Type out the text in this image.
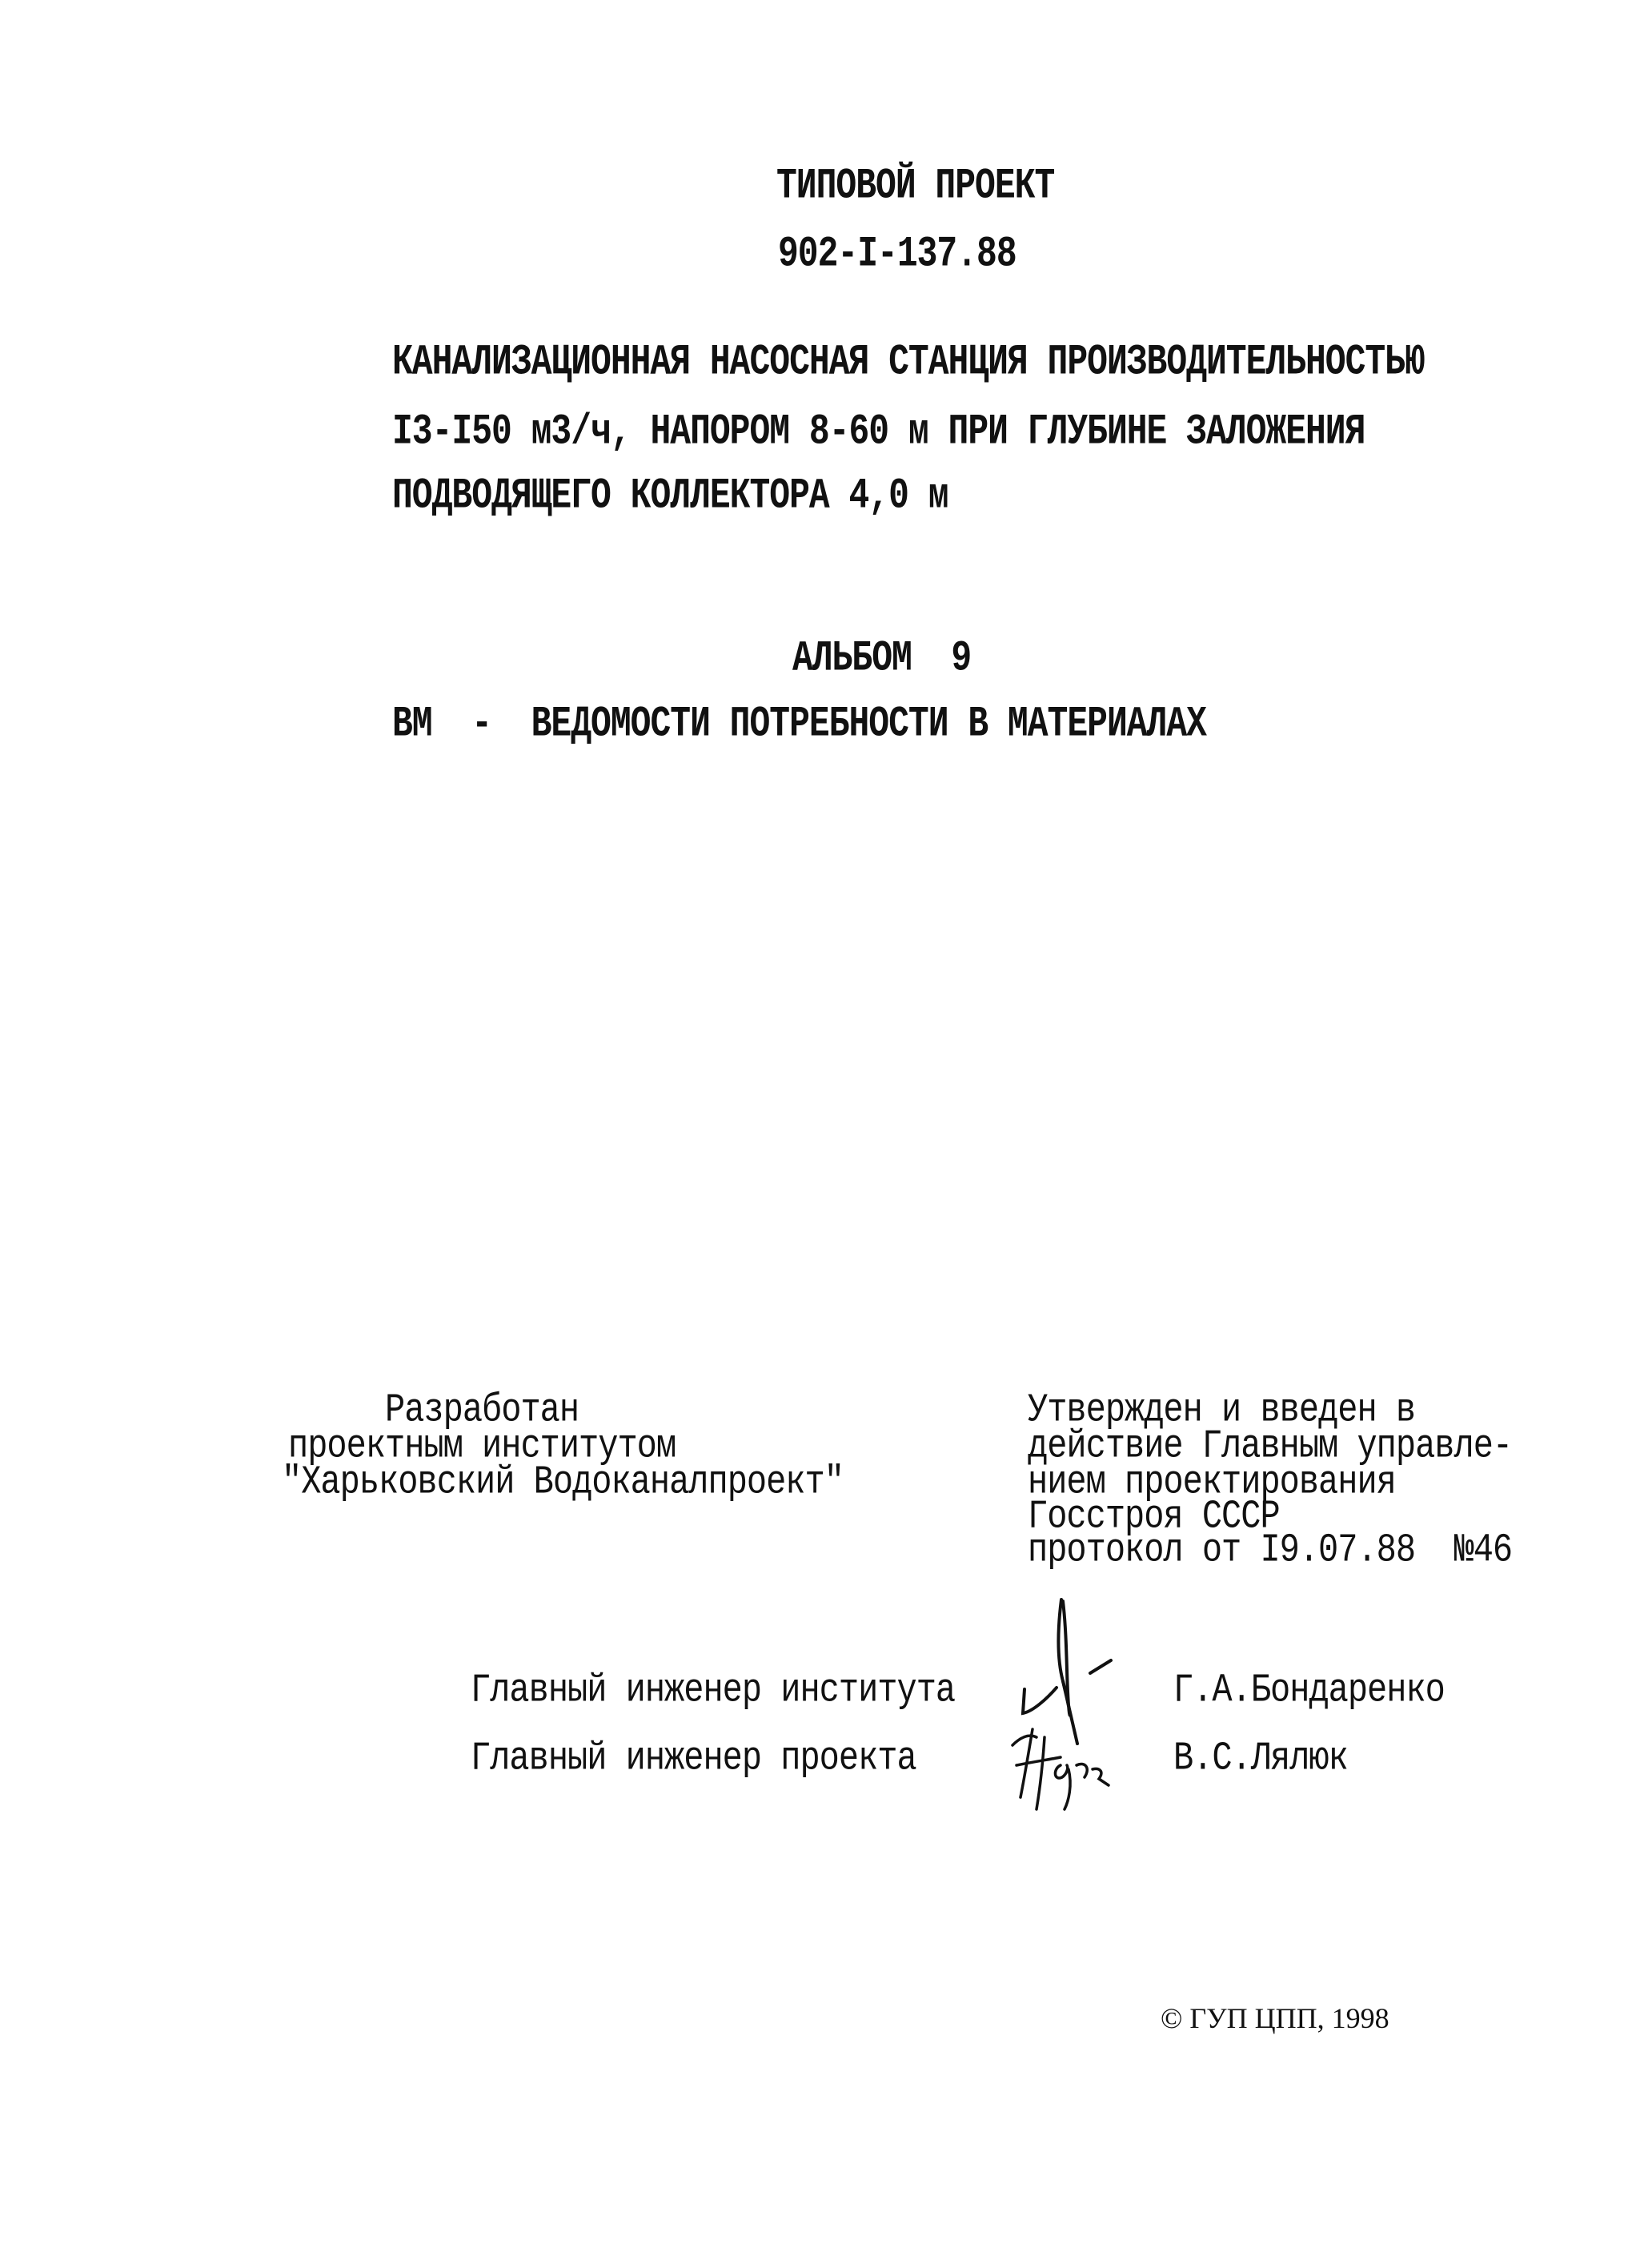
ТИПОВОЙ ПРОЕКТ
902-I-137.88
КАНАЛИЗАЦИОННАЯ НАСОСНАЯ СТАНЦИЯ ПРОИЗВОДИТЕЛЬНОСТЬЮ
I3-I50 м3/ч, НАПОРОМ 8-60 м ПРИ ГЛУБИНЕ ЗАЛОЖЕНИЯ
ПОДВОДЯЩЕГО КОЛЛЕКТОРА 4,0 м
АЛЬБОМ  9
ВМ  -  ВЕДОМОСТИ ПОТРЕБНОСТИ В МАТЕРИАЛАХ
Разработан
проектным институтом
"Харьковский Водоканалпроект"
Утвержден и введен в
действие Главным управле-
нием проектирования
Госстроя СССР
протокол от I9.07.88  №46
Главный инженер института	Г.А.Бондаренко
Главный инженер проекта	В.С.Лялюк
© ГУП ЦПП, 1998
